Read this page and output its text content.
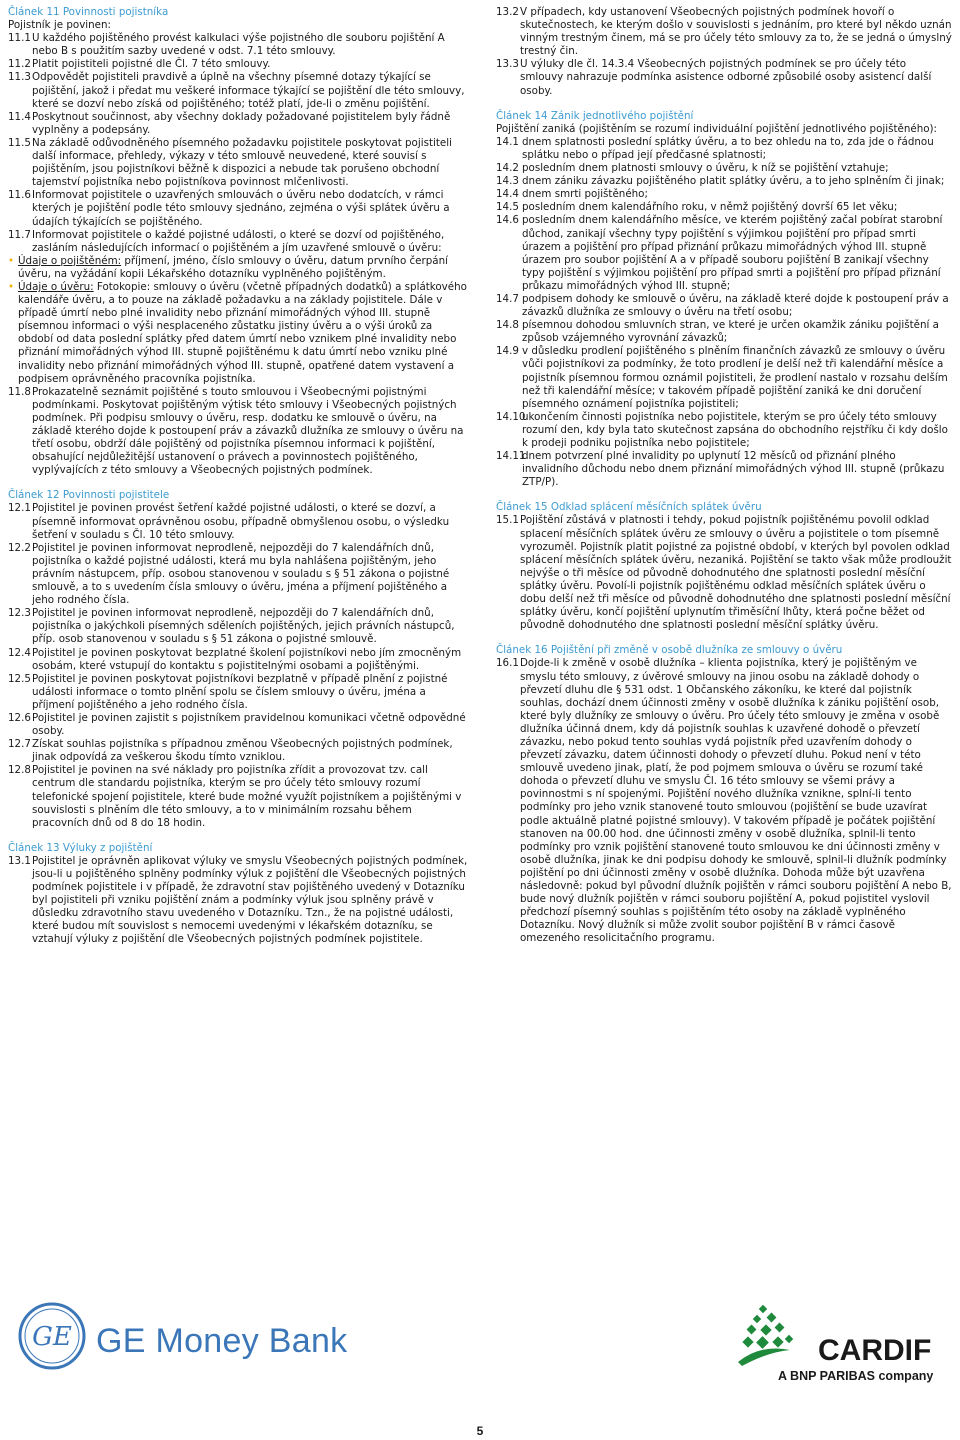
Článek 11 Povinnosti pojistníka
Pojistník je povinen:
11.1 U každého pojištěného provést kalkulaci výše pojistného dle souboru pojištění A nebo B s použitím sazby uvedené v odst. 7.1 této smlouvy.
11.2 Platit pojistiteli pojistné dle Čl. 7 této smlouvy.
11.3 Odpovědět pojistiteli pravdivě a úplně na všechny písemné dotazy týkající se pojištění, jakož i předat mu veškeré informace týkající se pojištění dle této smlouvy, které se dozví nebo získá od pojištěného; totéž platí, jde-li o změnu pojištění.
11.4 Poskytnout součinnost, aby všechny doklady požadované pojistitelem byly řádně vyplněny a podepsány.
11.5 Na základě odůvodněného písemného požadavku pojistitele poskytovat pojistiteli další informace, přehledy, výkazy v této smlouvě neuvedené, které souvisí s pojištěním, jsou pojistníkovi běžně k dispozici a nebude tak porušeno obchodní tajemství pojistníka nebo pojistníkova povinnost mlčenlivosti.
11.6 Informovat pojistitele o uzavřených smlouvách o úvěru nebo dodatcích, v rámci kterých je pojištění podle této smlouvy sjednáno, zejména o výši splátek úvěru a údajích týkajících se pojištěného.
11.7 Informovat pojistitele o každé pojistné události, o které se dozví od pojištěného, zasláním následujících informací o pojištěném a jím uzavřené smlouvě o úvěru:
• Údaje o pojištěném: příjmení, jméno, číslo smlouvy o úvěru, datum prvního čerpání úvěru, na vyžádání kopii Lékařského dotazníku vyplněného pojištěným.
• Údaje o úvěru: Fotokopie: smlouvy o úvěru (včetně případných dodatků) a splátkového kalendáře úvěru, a to pouze na základě požadavku a na základy pojistitele. Dále v případě úmrtí nebo plné invalidity nebo přiznání mimořádných výhod III. stupně písemnou informaci o výši nesplaceného zůstatku jistiny úvěru a o výši úroků za období od data poslední splátky před datem úmrtí nebo vznikem plné invalidity nebo přiznání mimořádných výhod III. stupně pojištěnému k datu úmrtí nebo vzniku plné invalidity nebo přiznání mimořádných výhod III. stupně, opatřené datem vystavení a podpisem oprávněného pracovníka pojistníka.
11.8 Prokazatelně seznámit pojištěné s touto smlouvou i Všeobecnými pojistnými podmínkami. Poskytovat pojištěným výtisk této smlouvy i Všeobecných pojistných podmínek. Při podpisu smlouvy o úvěru, resp. dodatku ke smlouvě o úvěru, na základě kterého dojde k postoupení práv a závazků dlužníka ze smlouvy o úvěru na třetí osobu, obdrží dále pojištěný od pojistníka písemnou informaci k pojištění, obsahující nejdůležitější ustanovení o právech a povinnostech pojištěného, vyplývajících z této smlouvy a Všeobecných pojistných podmínek.
Článek 12 Povinnosti pojistitele
12.1 Pojistitel je povinen provést šetření každé pojistné události, o které se dozví, a písemně informovat oprávněnou osobu, případně obmyšlenou osobu, o výsledku šetření v souladu s Čl. 10 této smlouvy.
12.2 Pojistitel je povinen informovat neprodleně, nejpozději do 7 kalendářních dnů, pojistníka o každé pojistné události, která mu byla nahlášena pojištěným, jeho právním nástupcem, příp. osobou stanovenou v souladu s § 51 zákona o pojistné smlouvě, a to s uvedením čísla smlouvy o úvěru, jména a příjmení pojištěného a jeho rodného čísla.
12.3 Pojistitel je povinen informovat neprodleně, nejpozději do 7 kalendářních dnů, pojistníka o jakýchkoli písemných sděleních pojištěných, jejich právních nástupců, příp. osob stanovenou v souladu s § 51 zákona o pojistné smlouvě.
12.4 Pojistitel je povinen poskytovat bezplatné školení pojistníkovi nebo jím zmocněným osobám, které vstupují do kontaktu s pojistitelnými osobami a pojištěnými.
12.5 Pojistitel je povinen poskytovat pojistníkovi bezplatně v případě plnění z pojistné události informace o tomto plnění spolu se číslem smlouvy o úvěru, jména a příjmení pojištěného a jeho rodného čísla.
12.6 Pojistitel je povinen zajistit s pojistníkem pravidelnou komunikaci včetně odpovědné osoby.
12.7 Získat souhlas pojistníka s případnou změnou Všeobecných pojistných podmínek, jinak odpovídá za veškerou škodu tímto vzniklou.
12.8 Pojistitel je povinen na své náklady pro pojistníka zřídit a provozovat tzv. call centrum dle standardu pojistníka, kterým se pro účely této smlouvy rozumí telefonické spojení pojistitele, které bude možné využít pojistníkem a pojištěnými v souvislosti s plněním dle této smlouvy, a to v minimálním rozsahu během pracovních dnů od 8 do 18 hodin.
Článek 13 Výluky z pojištění
13.1 Pojistitel je oprávněn aplikovat výluky ve smyslu Všeobecných pojistných podmínek, jsou-li u pojištěného splněny podmínky výluk z pojištění dle Všeobecných pojistných podmínek pojistitele i v případě, že zdravotní stav pojištěného uvedený v Dotazníku byl pojistiteli při vzniku pojištění znám a podmínky výluk jsou splněny právě v důsledku zdravotního stavu uvedeného v Dotazníku. Tzn., že na pojistné události, které budou mít souvislost s nemocemi uvedenými v lékařském dotazníku, se vztahují výluky z pojištění dle Všeobecných pojistných podmínek pojistitele.
13.2 V případech, kdy ustanovení Všeobecných pojistných podmínek hovoří o skutečnostech, ke kterým došlo v souvislosti s jednáním, pro které byl někdo uznán vinným trestným činem, má se pro účely této smlouvy za to, že se jedná o úmyslný trestný čin.
13.3 U výluky dle čl. 14.3.4 Všeobecných pojistných podmínek se pro účely této smlouvy nahrazuje podmínka asistence odborné způsobilé osoby asistencí další osoby.
Článek 14 Zánik jednotlivého pojištění
Pojištění zaniká (pojištěním se rozumí individuální pojištění jednotlivého pojištěného):
14.1 dnem splatnosti poslední splátky úvěru, a to bez ohledu na to, zda jde o řádnou splátku nebo o případ její předčasné splatnosti;
14.2 posledním dnem platnosti smlouvy o úvěru, k níž se pojištění vztahuje;
14.3 dnem zániku závazku pojištěného platit splátky úvěru, a to jeho splněním či jinak;
14.4 dnem smrti pojištěného;
14.5 posledním dnem kalendářního roku, v němž pojištěný dovrší 65 let věku;
14.6 posledním dnem kalendářního měsíce, ve kterém pojištěný začal pobírat starobní důchod, zanikají všechny typy pojištění s výjimkou pojištění pro případ smrti úrazem a pojištění pro případ přiznání průkazu mimořádných výhod III. stupně úrazem pro soubor pojištění A a v případě souboru pojištění B zanikají všechny typy pojištění s výjimkou pojištění pro případ smrti a pojištění pro případ přiznání průkazu mimořádných výhod III. stupně;
14.7 podpisem dohody ke smlouvě o úvěru, na základě které dojde k postoupení práv a závazků dlužníka ze smlouvy o úvěru na třetí osobu;
14.8 písemnou dohodou smluvních stran, ve které je určen okamžik zániku pojištění a způsob vzájemného vyrovnání závazků;
14.9 v důsledku prodlení pojištěného s plněním finančních závazků ze smlouvy o úvěru vůči pojistníkovi za podmínky, že toto prodlení je delší než tři kalendářní měsíce a pojistník písemnou formou oznámil pojistiteli, že prodlení nastalo v rozsahu delším než tři kalendářní měsíce; v takovém případě pojištění zaniká ke dni doručení písemného oznámení pojistníka pojistiteli;
14.10
ukončením činnosti pojistníka nebo pojistitele, kterým se pro účely této smlouvy rozumí den, kdy byla tato skutečnost zapsána do obchodního rejstříku či kdy došlo k prodeji podniku pojistníka nebo pojistitele;
14.11
dnem potvrzení plné invalidity po uplynutí 12 měsíců od přiznání plného invalidního důchodu nebo dnem přiznání mimořádných výhod III. stupně (průkazu ZTP/P).
Článek 15 Odklad splácení měsíčních splátek úvěru
15.1 Pojištění zůstává v platnosti i tehdy, pokud pojistník pojištěnému povolil odklad splacení měsíčních splátek úvěru ze smlouvy o úvěru a pojistitele o tom písemně vyrozuměl. Pojistník platit pojistné za pojistné období, v kterých byl povolen odklad splácení měsíčních splátek úvěru, nezaniká. Pojištění se takto však může prodloužit nejvýše o tři měsíce od původně dohodnutého dne splatnosti poslední měsíční splátky úvěru. Povolí-li pojistník pojištěnému odklad měsíčních splátek úvěru o dobu delší než tři měsíce od původně dohodnutého dne splatnosti poslední měsíční splátky úvěru, končí pojištění uplynutím třiměsíční lhůty, která počne běžet od původně dohodnutého dne splatnosti poslední měsíční splátky úvěru.
Článek 16 Pojištění při změně v osobě dlužníka ze smlouvy o úvěru
16.1 Dojde-li k změně v osobě dlužníka – klienta pojistníka, který je pojištěným ve smyslu této smlouvy, z úvěrové smlouvy na jinou osobu na základě dohody o převzetí dluhu dle § 531 odst. 1 Občanského zákoníku, ke které dal pojistník souhlas, dochází dnem účinnosti změny v osobě dlužníka k zániku pojištění osob, které byly dlužníky ze smlouvy o úvěru. Pro účely této smlouvy je změna v osobě dlužníka účinná dnem, kdy dá pojistník souhlas k uzavřené dohodě o převzetí závazku, nebo pokud tento souhlas vydá pojistník před uzavřením dohody o převzetí závazku, datem účinnosti dohody o převzetí dluhu. Pokud není v této smlouvě uvedeno jinak, platí, že pod pojmem smlouva o úvěru se rozumí také dohoda o převzetí dluhu ve smyslu Čl. 16 této smlouvy se všemi právy a povinnostmi s ní spojenými. Pojištění nového dlužníka vznikne, splní-li tento podmínky pro jeho vznik stanovené touto smlouvou (pojištění se bude uzavírat podle aktuálně platné pojistné smlouvy). V takovém případě je počátek pojištění stanoven na 00.00 hod. dne účinnosti změny v osobě dlužníka, splnil-li tento podmínky pro vznik pojištění stanovené touto smlouvou ke dni účinnosti změny v osobě dlužníka, jinak ke dni podpisu dohody ke smlouvě, splnil-li dlužník podmínky pojištění po dni účinnosti změny v osobě dlužníka. Dohoda může být uzavřena následovně: pokud byl původní dlužník pojištěn v rámci souboru pojištění A nebo B, bude nový dlužník pojištěn v rámci souboru pojištění A, pokud pojistitel vyslovil předchozí písemný souhlas s pojištěním této osoby na základě vyplněného Dotazníku. Nový dlužník si může zvolit soubor pojištění B v rámci časově omezeného resolicitačního programu.
GE GE Money Bank	CARDIF
A BNP PARIBAS company
5
